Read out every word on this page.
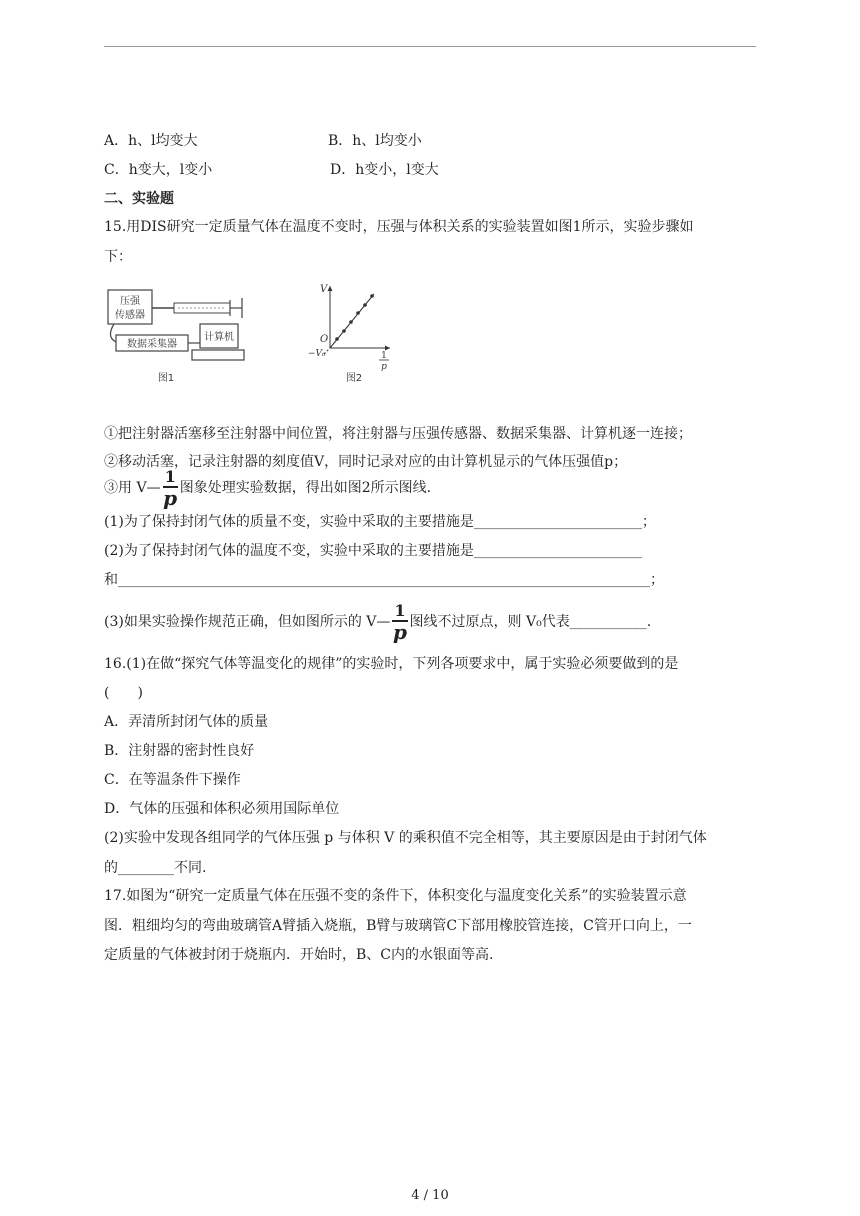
A．h、l均变大	B．h、l均变小
C．h变大，l变小	D．h变小，l变大
二、实验题
15.用DIS研究一定质量气体在温度不变时，压强与体积关系的实验装置如图1所示，实验步骤如
下：
压强
传感器
数据采集器
计算机
图1
V
O
−V₀	1
p
图2
①把注射器活塞移至注射器中间位置，将注射器与压强传感器、数据采集器、计算机逐一连接；
②移动活塞，记录注射器的刻度值V，同时记录对应的由计算机显示的气体压强值p；
③用 V— $\frac{1}{p}$ 图象处理实验数据，得出如图2所示图线.
(1)为了保持封闭气体的质量不变，实验中采取的主要措施是________________________；
(2)为了保持封闭气体的温度不变，实验中采取的主要措施是________________________
和____________________________________________________________________________；
(3)如果实验操作规范正确，但如图所示的 V— $\frac{1}{p}$ 图线不过原点，则 V₀代表___________.
16.(1)在做“探究气体等温变化的规律”的实验时，下列各项要求中，属于实验必须要做到的是
(　　)
A．弄清所封闭气体的质量
B．注射器的密封性良好
C．在等温条件下操作
D．气体的压强和体积必须用国际单位
(2)实验中发现各组同学的气体压强 p 与体积 V 的乘积值不完全相等，其主要原因是由于封闭气体
的________不同.
17.如图为“研究一定质量气体在压强不变的条件下，体积变化与温度变化关系”的实验装置示意
图．粗细均匀的弯曲玻璃管A臂插入烧瓶，B臂与玻璃管C下部用橡胶管连接，C管开口向上，一
定质量的气体被封闭于烧瓶内．开始时，B、C内的水银面等高.
4 / 10
